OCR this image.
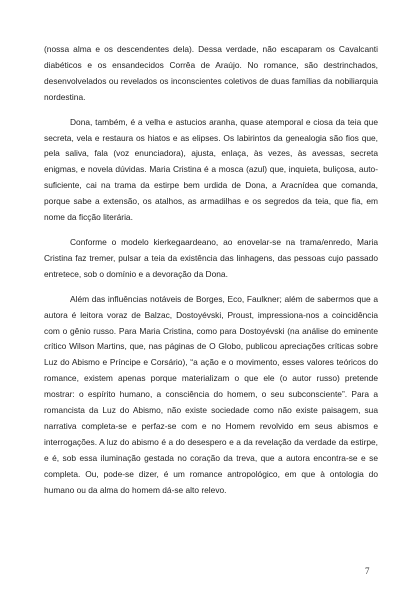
(nossa alma e os descendentes dela). Dessa verdade, não escaparam os Cavalcanti diabéticos e os ensandecidos Corrêa de Araújo. No romance, são destrinchados, desenvolvelados ou revelados os inconscientes coletivos de duas famílias da nobiliarquia nordestina.

Dona, também, é a velha e astucios aranha, quase atemporal e ciosa da teia que secreta, vela e restaura os hiatos e as elipses. Os labirintos da genealogia são fios que, pela saliva, fala (voz enunciadora), ajusta, enlaça, às vezes, às avessas, secreta enigmas, e novela dúvidas. Maria Cristina é a mosca (azul) que, inquieta, buliçosa, auto-suficiente, cai na trama da estirpe bem urdida de Dona, a Aracnídea que comanda, porque sabe a extensão, os atalhos, as armadilhas e os segredos da teia, que fia, em nome da ficção literária.

Conforme o modelo kierkegaardeano, ao enovelar-se na trama/enredo, Maria Cristina faz tremer, pulsar a teia da existência das linhagens, das pessoas cujo passado entretece, sob o domínio e a devoração da Dona.

Além das influências notáveis de Borges, Eco, Faulkner; além de sabermos que a autora é leitora voraz de Balzac, Dostoyévski, Proust, impressiona-nos a coincidência com o gênio russo. Para Maria Cristina, como para Dostoyévski (na análise do eminente crítico Wilson Martins, que, nas páginas de O Globo, publicou apreciações críticas sobre Luz do Abismo e Príncipe e Corsário), “a ação e o movimento, esses valores teóricos do romance, existem apenas porque materializam o que ele (o autor russo) pretende mostrar: o espírito humano, a consciência do homem, o seu subconsciente”. Para a romancista da Luz do Abismo, não existe sociedade como não existe paisagem, sua narrativa completa-se e perfaz-se com e no Homem revolvido em seus abismos e interrogações. A luz do abismo é a do desespero e a da revelação da verdade da estirpe, e é, sob essa iluminação gestada no coração da treva, que a autora encontra-se e se completa. Ou, pode-se dizer, é um romance antropológico, em que à ontologia do humano ou da alma do homem dá-se alto relevo.

7
